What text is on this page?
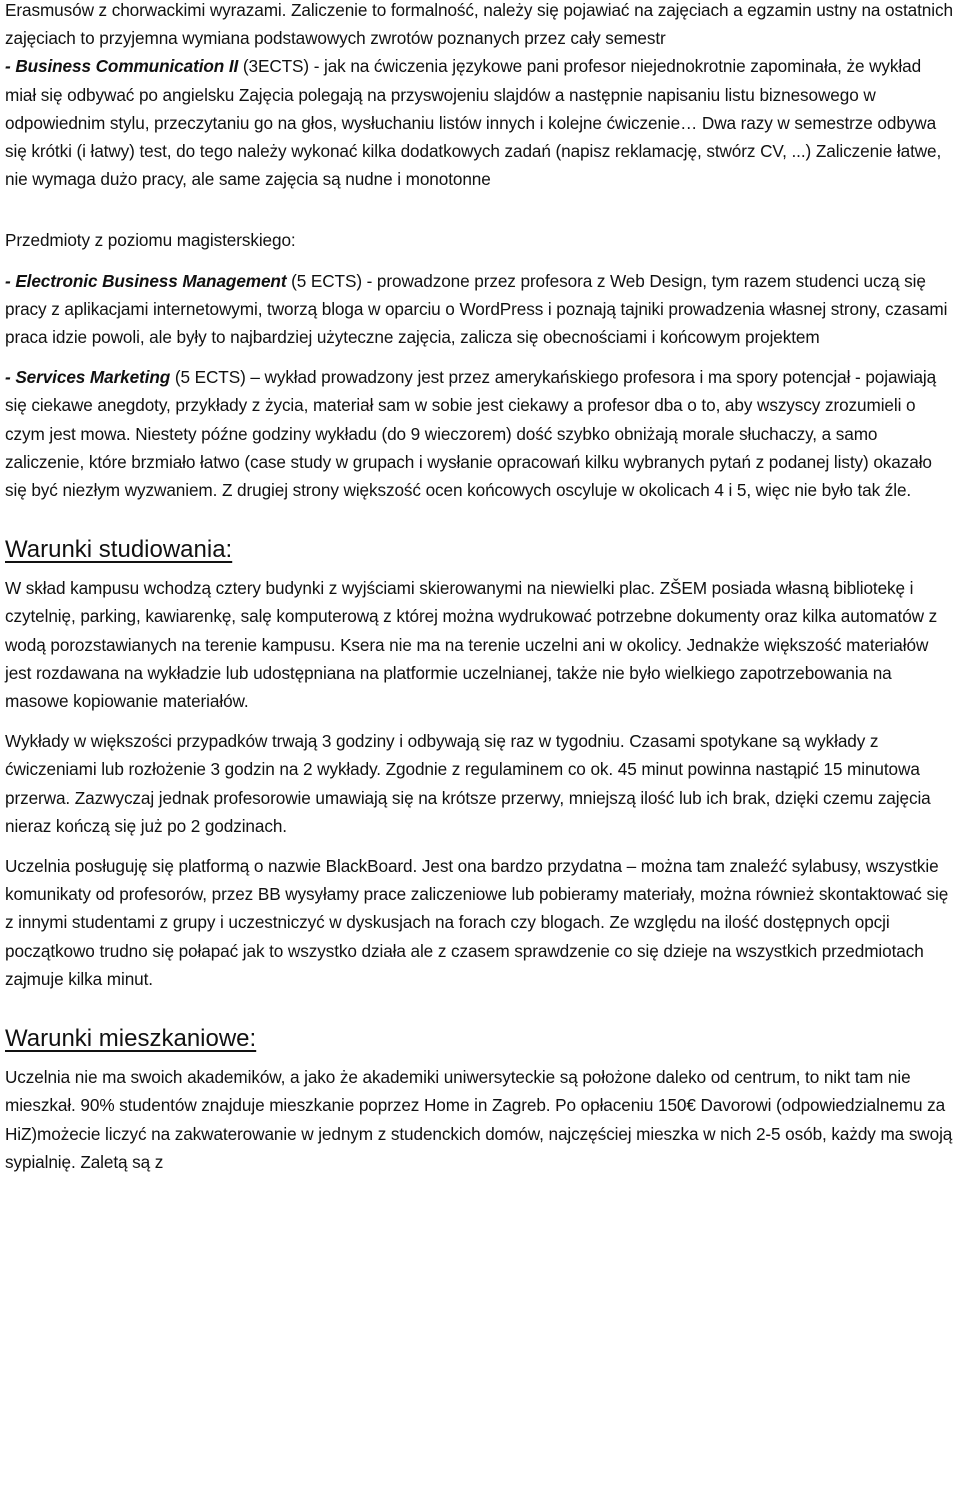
Erasmusów z chorwackimi wyrazami. Zaliczenie to formalność, należy się pojawiać na zajęciach a egzamin ustny na ostatnich zajęciach to przyjemna wymiana podstawowych zwrotów poznanych przez cały semestr

- Business Communication II (3ECTS) - jak na ćwiczenia językowe pani profesor niejednokrotnie zapominała, że wykład miał się odbywać po angielsku Zajęcia polegają na przyswojeniu slajdów a następnie napisaniu listu biznesowego w odpowiednim stylu, przeczytaniu go na głos, wysłuchaniu listów innych i kolejne ćwiczenie… Dwa razy w semestrze odbywa się krótki (i łatwy) test, do tego należy wykonać kilka dodatkowych zadań (napisz reklamację, stwórz CV, ...) Zaliczenie łatwe, nie wymaga dużo pracy, ale same zajęcia są nudne i monotonne

Przedmioty z poziomu magisterskiego:

- Electronic Business Management (5 ECTS) - prowadzone przez profesora z Web Design, tym razem studenci uczą się pracy z aplikacjami internetowymi, tworzą bloga w oparciu o WordPress i poznają tajniki prowadzenia własnej strony, czasami praca idzie powoli, ale były to najbardziej użyteczne zajęcia, zalicza się obecnościami i końcowym projektem

- Services Marketing (5 ECTS) – wykład prowadzony jest przez amerykańskiego profesora i ma spory potencjał - pojawiają się ciekawe anegdoty, przykłady z życia, materiał sam w sobie jest ciekawy a profesor dba o to, aby wszyscy zrozumieli o czym jest mowa. Niestety późne godziny wykładu (do 9 wieczorem) dość szybko obniżają morale słuchaczy, a samo zaliczenie, które brzmiało łatwo (case study w grupach i wysłanie opracowań kilku wybranych pytań z podanej listy) okazało się być niezłym wyzwaniem. Z drugiej strony większość ocen końcowych oscyluje w okolicach 4 i 5, więc nie było tak źle.

Warunki studiowania:

W skład kampusu wchodzą cztery budynki z wyjściami skierowanymi na niewielki plac. ZŠEM posiada własną bibliotekę i czytelnię, parking, kawiarenkę, salę komputerową z której można wydrukować potrzebne dokumenty oraz kilka automatów z wodą porozstawianych na terenie kampusu. Ksera nie ma na terenie uczelni ani w okolicy. Jednakże większość materiałów jest rozdawana na wykładzie lub udostępniana na platformie uczelnianej, także nie było wielkiego zapotrzebowania na masowe kopiowanie materiałów.

Wykłady w większości przypadków trwają 3 godziny i odbywają się raz w tygodniu. Czasami spotykane są wykłady z ćwiczeniami lub rozłożenie 3 godzin na 2 wykłady. Zgodnie z regulaminem co ok. 45 minut powinna nastąpić 15 minutowa przerwa. Zazwyczaj jednak profesorowie umawiają się na krótsze przerwy, mniejszą ilość lub ich brak, dzięki czemu zajęcia nieraz kończą się już po 2 godzinach.

Uczelnia posługuję się platformą o nazwie BlackBoard. Jest ona bardzo przydatna – można tam znaleźć sylabusy, wszystkie komunikaty od profesorów, przez BB wysyłamy prace zaliczeniowe lub pobieramy materiały, można również skontaktować się z innymi studentami z grupy i uczestniczyć w dyskusjach na forach czy blogach. Ze względu na ilość dostępnych opcji początkowo trudno się połapać jak to wszystko działa ale z czasem sprawdzenie co się dzieje na wszystkich przedmiotach zajmuje kilka minut.

Warunki mieszkaniowe:

Uczelnia nie ma swoich akademików, a jako że akademiki uniwersyteckie są położone daleko od centrum, to nikt tam nie mieszkał. 90% studentów znajduje mieszkanie poprzez Home in Zagreb. Po opłaceniu 150€ Davorowi (odpowiedzialnemu za HiZ)możecie liczyć na zakwaterowanie w jednym z studenckich domów, najczęściej mieszka w nich 2-5 osób, każdy ma swoją sypialnię. Zaletą są z
